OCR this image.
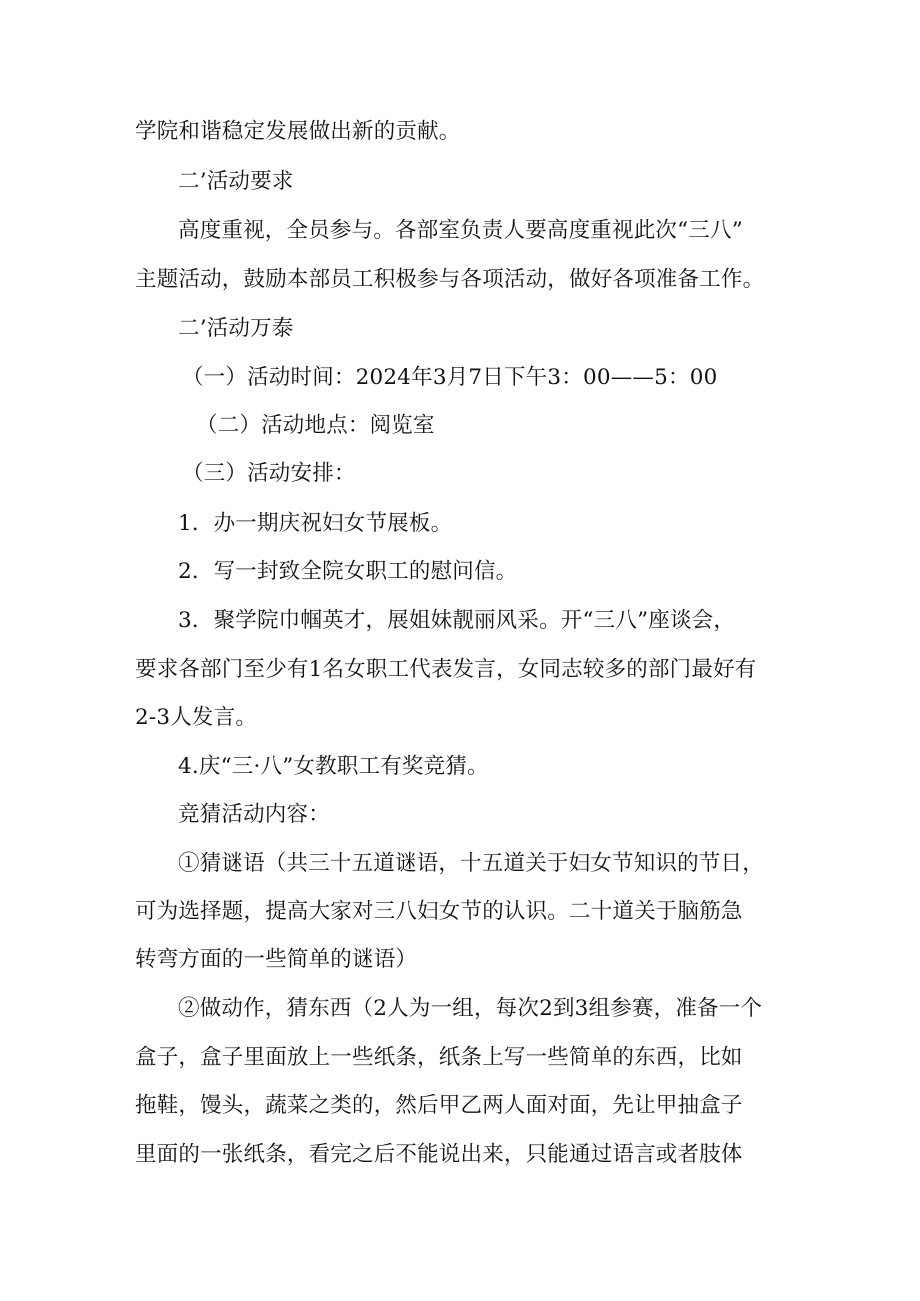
学院和谐稳定发展做出新的贡献。
二’活动要求
高度重视，全员参与。各部室负责人要高度重视此次“三八”
主题活动，鼓励本部员工积极参与各项活动，做好各项准备工作。
二’活动万泰
（一）活动时间：2024年3月7日下午3：00——5：00
（二）活动地点：阅览室
（三）活动安排：
1．办一期庆祝妇女节展板。
2．写一封致全院女职工的慰问信。
3．聚学院巾帼英才，展姐妹靓丽风采。开“三八”座谈会，
要求各部门至少有1名女职工代表发言，女同志较多的部门最好有
2-3人发言。
4.庆“三·八”女教职工有奖竞猜。
竞猜活动内容：
①猜谜语（共三十五道谜语，十五道关于妇女节知识的节日，
可为选择题，提高大家对三八妇女节的认识。二十道关于脑筋急
转弯方面的一些简单的谜语）
②做动作，猜东西（2人为一组，每次2到3组参赛，准备一个
盒子，盒子里面放上一些纸条，纸条上写一些简单的东西，比如
拖鞋，馒头，蔬菜之类的，然后甲乙两人面对面，先让甲抽盒子
里面的一张纸条，看完之后不能说出来，只能通过语言或者肢体
